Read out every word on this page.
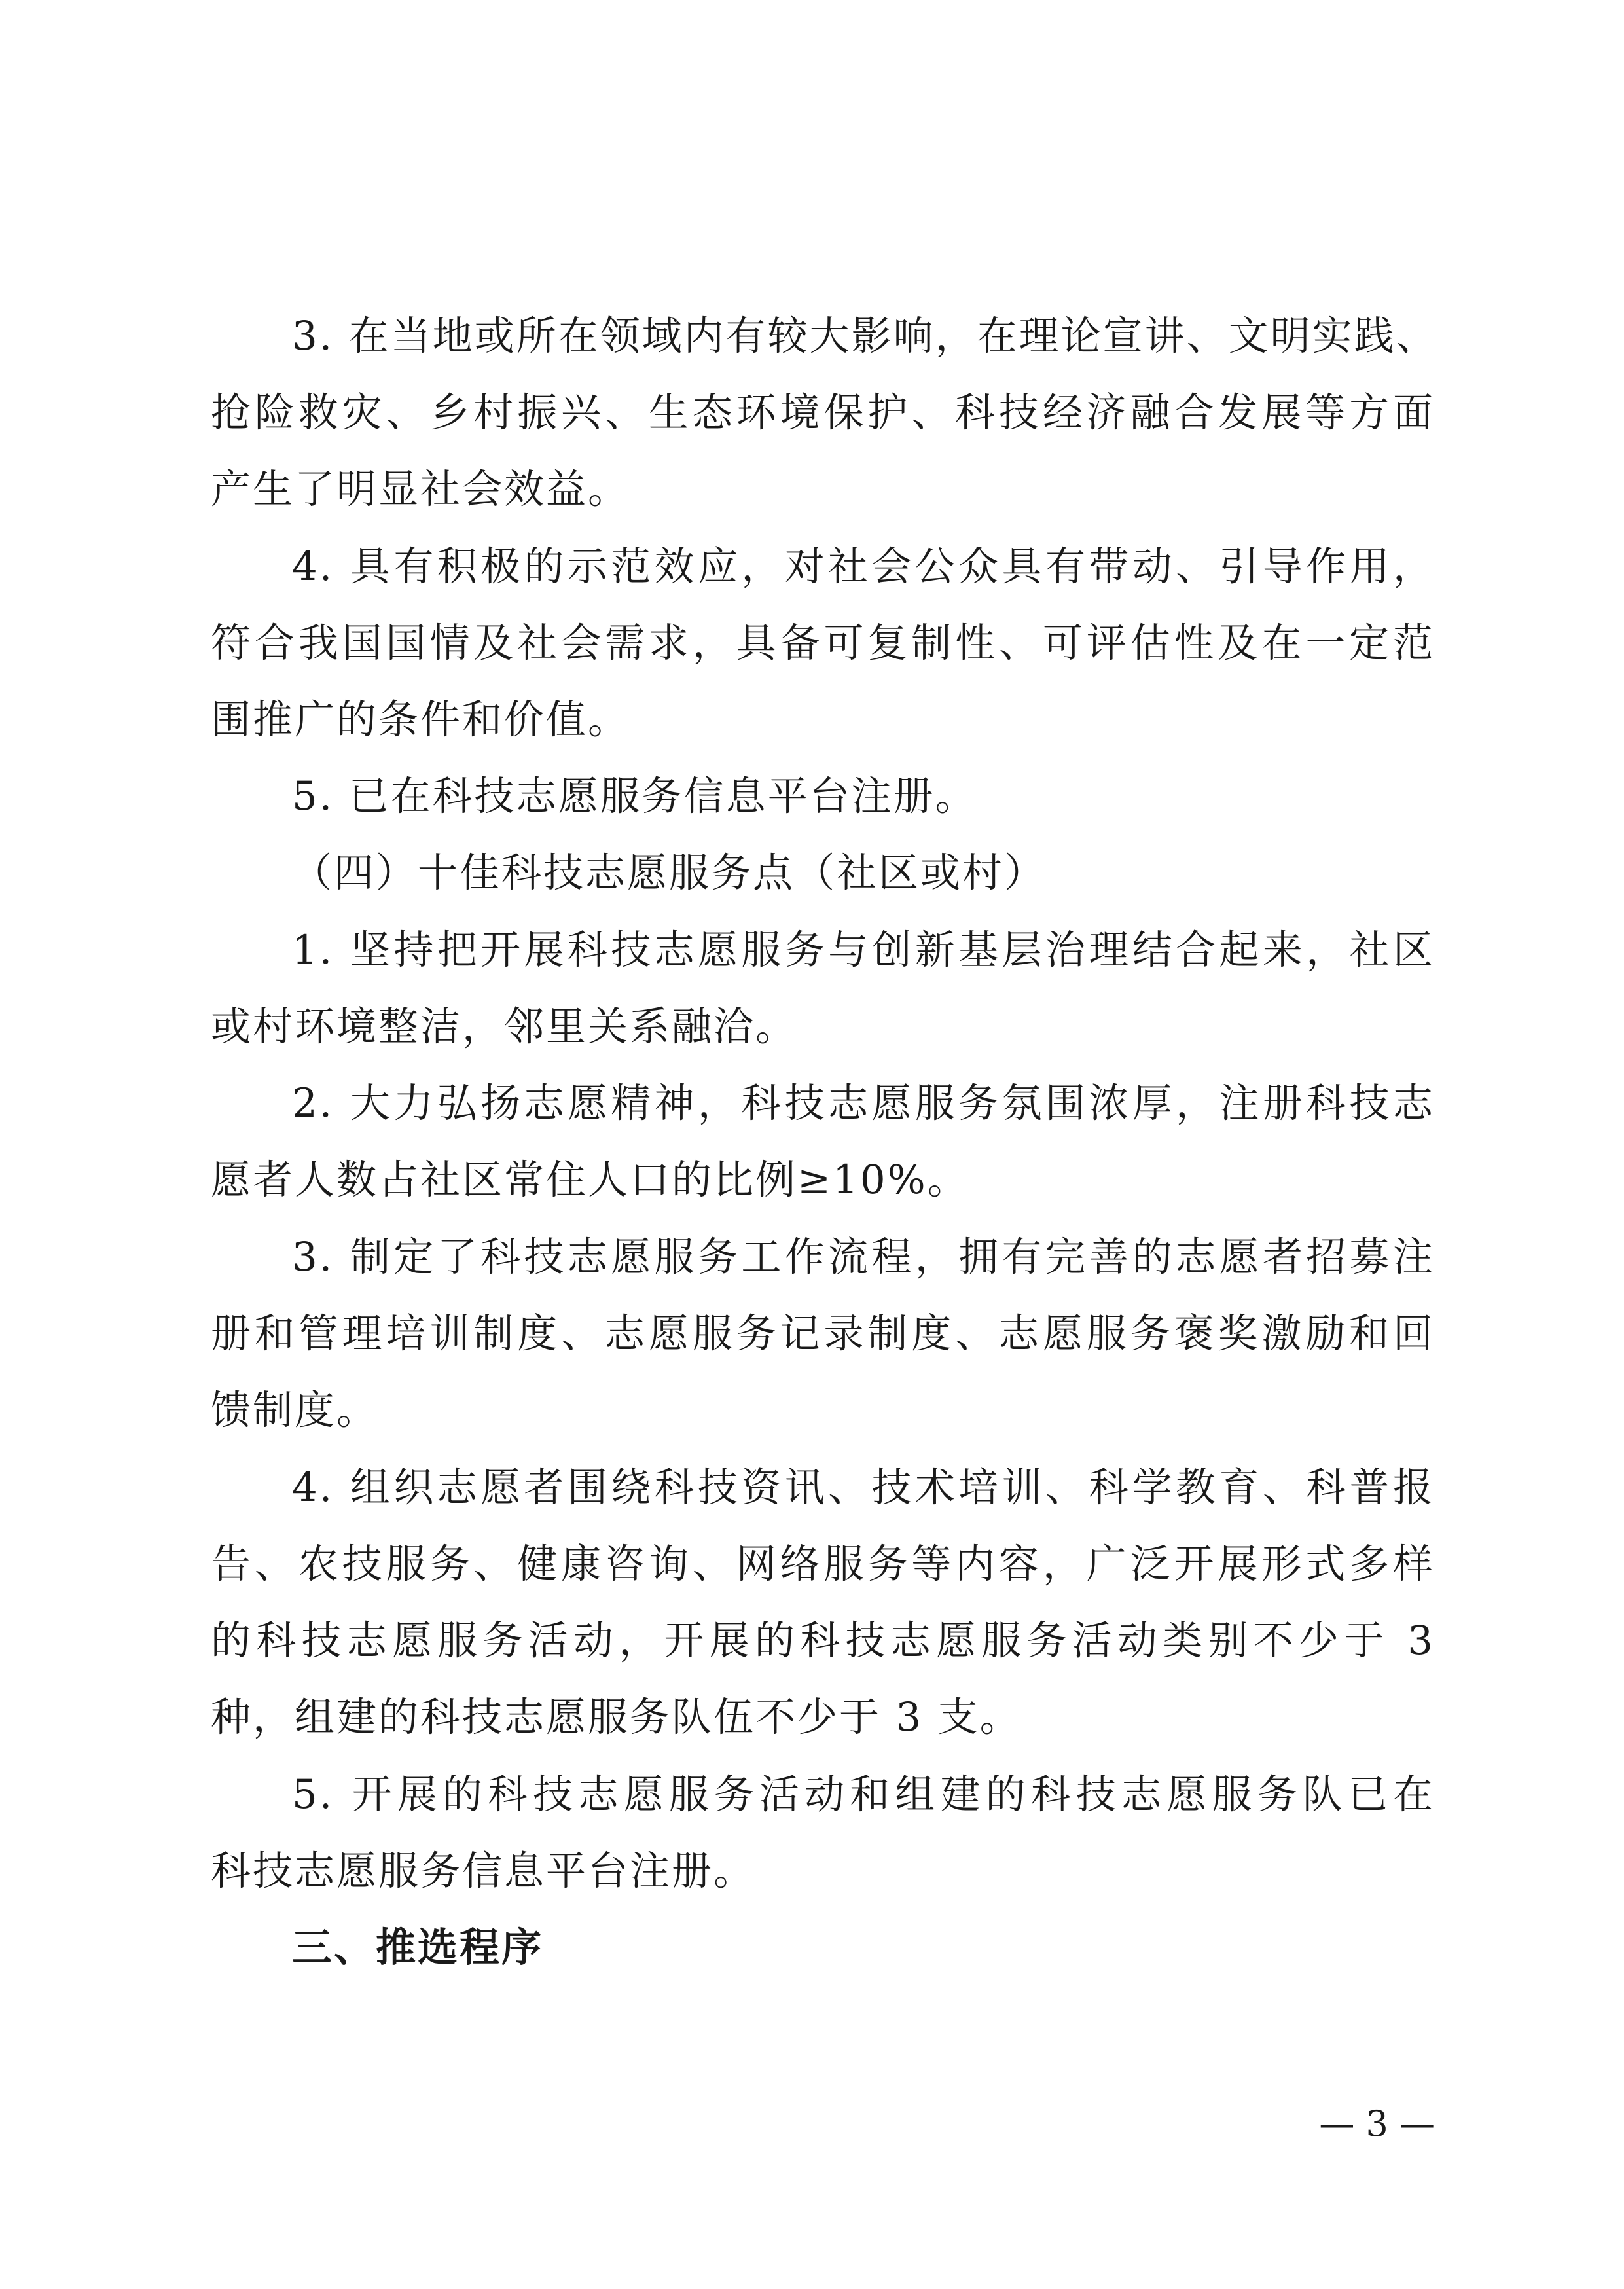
3. 在当地或所在领域内有较大影响，在理论宣讲、文明实践、
抢险救灾、乡村振兴、生态环境保护、科技经济融合发展等方面
产生了明显社会效益。
4. 具有积极的示范效应，对社会公众具有带动、引导作用，
符合我国国情及社会需求，具备可复制性、可评估性及在一定范
围推广的条件和价值。
5. 已在科技志愿服务信息平台注册。
（四）十佳科技志愿服务点（社区或村）
1. 坚持把开展科技志愿服务与创新基层治理结合起来，社区
或村环境整洁，邻里关系融洽。
2. 大力弘扬志愿精神，科技志愿服务氛围浓厚，注册科技志
愿者人数占社区常住人口的比例≥10%。
3. 制定了科技志愿服务工作流程，拥有完善的志愿者招募注
册和管理培训制度、志愿服务记录制度、志愿服务褒奖激励和回
馈制度。
4. 组织志愿者围绕科技资讯、技术培训、科学教育、科普报
告、农技服务、健康咨询、网络服务等内容，广泛开展形式多样
的科技志愿服务活动，开展的科技志愿服务活动类别不少于 3
种，组建的科技志愿服务队伍不少于 3 支。
5. 开展的科技志愿服务活动和组建的科技志愿服务队已在
科技志愿服务信息平台注册。
三、推选程序
— 3 —
